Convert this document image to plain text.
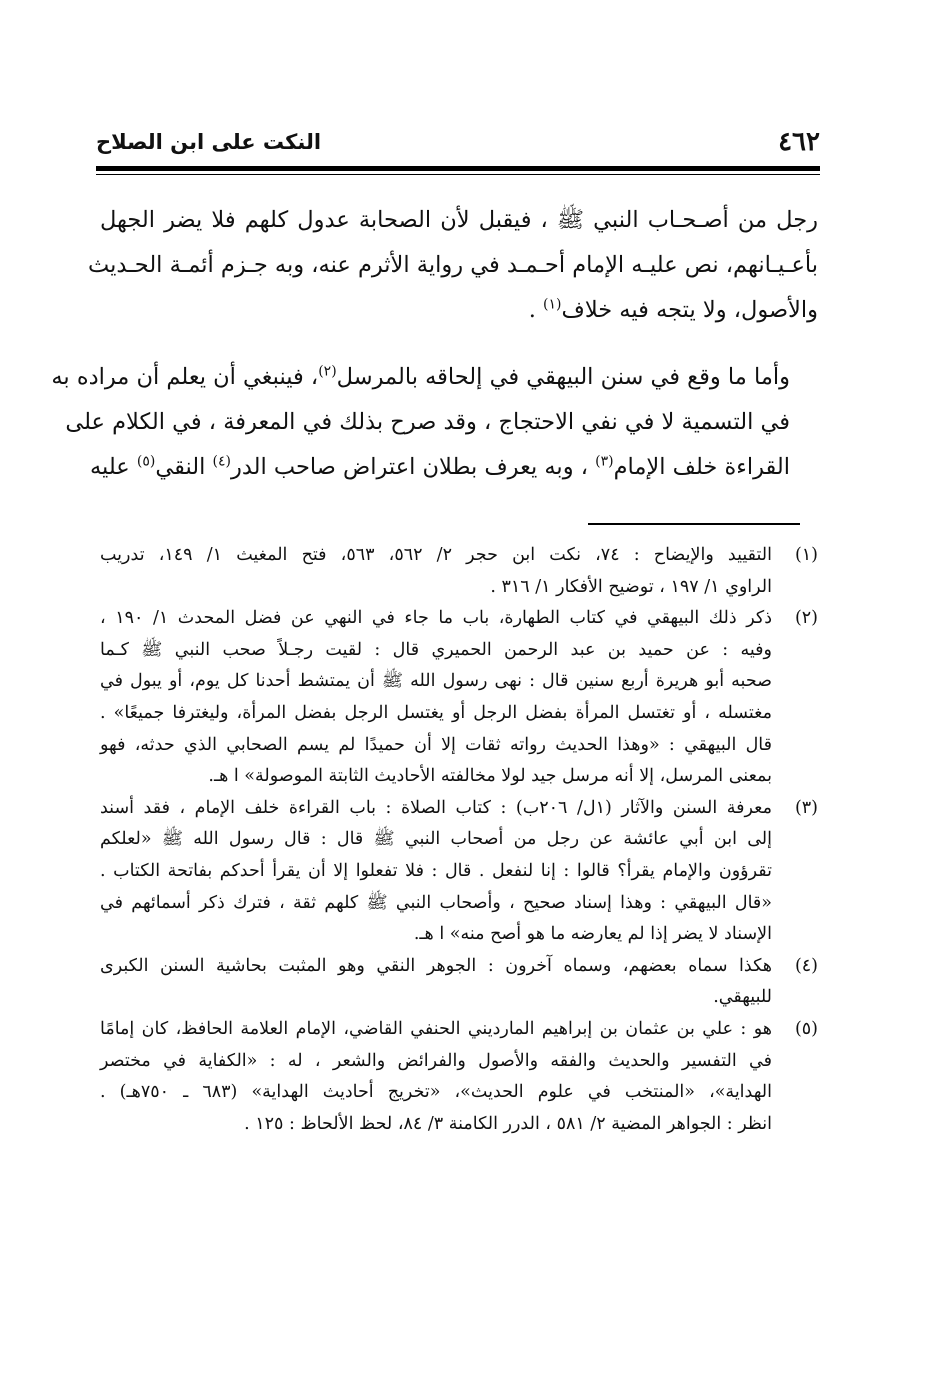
٤٦٢
النكت على ابن الصلاح

رجل من أصـحـاب النبي ﷺ ، فيقبل لأن الصحابة عدول كلهم فلا يضر الجهل
بأعـيـانهم، نص عليـه الإمام أحـمـد في رواية الأثرم عنه، وبه جـزم أئمـة الحـديث
والأصول، ولا يتجه فيه خلاف$^{(١)}$ .

وأما ما وقع في سنن البيهقي في إلحاقه بالمرسل$^{(٢)}$، فينبغي أن يعلم أن مراده به
في التسمية لا في نفي الاحتجاج ، وقد صرح بذلك في المعرفة ، في الكلام على
القراءة خلف الإمام$^{(٣)}$ ، وبه يعرف بطلان اعتراض صاحب الدر$^{(٤)}$ النقي$^{(٥)}$ عليه

(١)
التقييد والإيضاح : ٧٤، نكت ابن حجر ٢/ ٥٦٢، ٥٦٣، فتح المغيث ١/ ١٤٩، تدريب
الراوي ١/ ١٩٧ ، توضيح الأفكار ١/ ٣١٦ .
(٢)
ذكر ذلك البيهقي في كتاب الطهارة، باب ما جاء في النهي عن فضل المحدث ١/ ١٩٠ ،
وفيه : عن حميد بن عبد الرحمن الحميري قال : لقيت رجـلاً صحب النبي ﷺ كـما
صحبه أبو هريرة أربع سنين قال : نهى رسول الله ﷺ أن يمتشط أحدنا كل يوم، أو يبول في
مغتسله ، أو تغتسل المرأة بفضل الرجل أو يغتسل الرجل بفضل المرأة، وليغترفا جميعًا» .
قال البيهقي : «وهذا الحديث رواته ثقات إلا أن حميدًا لم يسم الصحابي الذي حدثه، فهو
بمعنى المرسل، إلا أنه مرسل جيد لولا مخالفته الأحاديث الثابتة الموصولة» ا هـ.
(٣)
معرفة السنن والآثار (١ل/ ٢٠٦ب) : كتاب الصلاة : باب القراءة خلف الإمام ، فقد أسند
إلى ابن أبي عائشة عن رجل من أصحاب النبي ﷺ قال : قال رسول الله ﷺ «لعلكم
تقرؤون والإمام يقرأ؟ قالوا : إنا لنفعل . قال : فلا تفعلوا إلا أن يقرأ أحدكم بفاتحة الكتاب .
«قال البيهقي : وهذا إسناد صحيح ، وأصحاب النبي ﷺ كلهم ثقة ، فترك ذكر أسمائهم في
الإسناد لا يضر إذا لم يعارضه ما هو أصح منه» ا هـ.
(٤)
هكذا سماه بعضهم، وسماه آخرون : الجوهر النقي وهو المثبت بحاشية السنن الكبرى
للبيهقي.
(٥)
هو : علي بن عثمان بن إبراهيم المارديني الحنفي القاضي، الإمام العلامة الحافظ، كان إمامًا
في التفسير والحديث والفقه والأصول والفرائض والشعر ، له : «الكفاية في مختصر
الهداية»، «المنتخب في علوم الحديث»، «تخريج أحاديث الهداية» (٦٨٣ ـ ٧٥٠هـ) .
انظر : الجواهر المضية ٢/ ٥٨١ ، الدرر الكامنة ٣/ ٨٤، لحظ الألحاظ : ١٢٥ .
